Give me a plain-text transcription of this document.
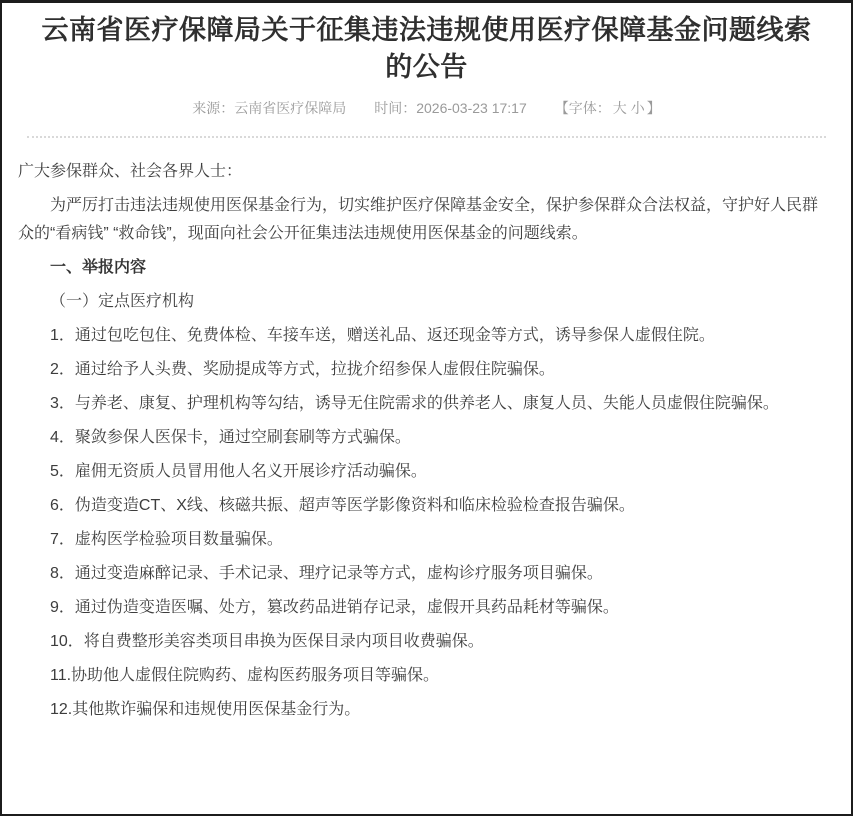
云南省医疗保障局关于征集违法违规使用医疗保障基金问题线索的公告
来源：云南省医疗保障局 时间：2026-03-23 17:17 【字体： 大 小 】

广大参保群众、社会各界人士：

为严厉打击违法违规使用医保基金行为，切实维护医疗保障基金安全，保护参保群众合法权益，守护好人民群众的“看病钱” “救命钱”，现面向社会公开征集违法违规使用医保基金的问题线索。

一、举报内容

（一）定点医疗机构

1．通过包吃包住、免费体检、车接车送，赠送礼品、返还现金等方式，诱导参保人虚假住院。

2．通过给予人头费、奖励提成等方式，拉拢介绍参保人虚假住院骗保。

3．与养老、康复、护理机构等勾结，诱导无住院需求的供养老人、康复人员、失能人员虚假住院骗保。

4．聚敛参保人医保卡，通过空刷套刷等方式骗保。

5．雇佣无资质人员冒用他人名义开展诊疗活动骗保。

6．伪造变造CT、X线、核磁共振、超声等医学影像资料和临床检验检查报告骗保。

7．虚构医学检验项目数量骗保。

8．通过变造麻醉记录、手术记录、理疗记录等方式，虚构诊疗服务项目骗保。

9．通过伪造变造医嘱、处方，篡改药品进销存记录，虚假开具药品耗材等骗保。

10．将自费整形美容类项目串换为医保目录内项目收费骗保。

11.协助他人虚假住院购药、虚构医药服务项目等骗保。

12.其他欺诈骗保和违规使用医保基金行为。
